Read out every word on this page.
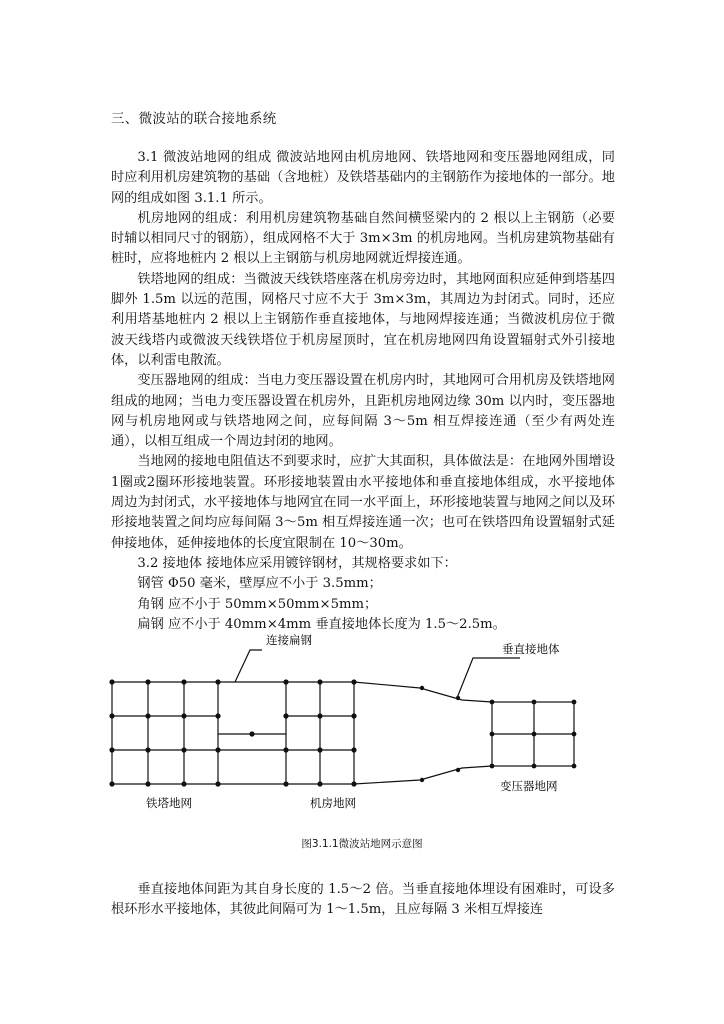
三、微波站的联合接地系统

3.1 微波站地网的组成 微波站地网由机房地网、铁塔地网和变压器地网组成，同时应利用机房建筑物的基础（含地桩）及铁塔基础内的主钢筋作为接地体的一部分。地网的组成如图 3.1.1 所示。

机房地网的组成：利用机房建筑物基础自然间横竖梁内的 2 根以上主钢筋（必要时辅以相同尺寸的钢筋），组成网格不大于 3m×3m 的机房地网。当机房建筑物基础有桩时，应将地桩内 2 根以上主钢筋与机房地网就近焊接连通。

铁塔地网的组成：当微波天线铁塔座落在机房旁边时，其地网面积应延伸到塔基四脚外 1.5m 以远的范围，网格尺寸应不大于 3m×3m，其周边为封闭式。同时，还应利用塔基地桩内 2 根以上主钢筋作垂直接地体，与地网焊接连通；当微波机房位于微波天线塔内或微波天线铁塔位于机房屋顶时，宜在机房地网四角设置辐射式外引接地体，以利雷电散流。

变压器地网的组成：当电力变压器设置在机房内时，其地网可合用机房及铁塔地网组成的地网；当电力变压器设置在机房外，且距机房地网边缘 30m 以内时，变压器地网与机房地网或与铁塔地网之间，应每间隔 3～5m 相互焊接连通（至少有两处连通），以相互组成一个周边封闭的地网。

当地网的接地电阻值达不到要求时，应扩大其面积，具体做法是：在地网外围增设 1圈或2圈环形接地装置。环形接地装置由水平接地体和垂直接地体组成，水平接地体周边为封闭式，水平接地体与地网宜在同一水平面上，环形接地装置与地网之间以及环形接地装置之间均应每间隔 3～5m 相互焊接连通一次；也可在铁塔四角设置辐射式延伸接地体，延伸接地体的长度宜限制在 10～30m。

3.2 接地体 接地体应采用镀锌钢材，其规格要求如下：

钢管 Φ50 毫米，壁厚应不小于 3.5mm；

角钢 应不小于 50mm×50mm×5mm；

扁钢 应不小于 40mm×4mm 垂直接地体长度为 1.5～2.5m。

连接扁钢
垂直接地体
铁塔地网	机房地网
变压器地网
图3.1.1微波站地网示意图

垂直接地体间距为其自身长度的 1.5～2 倍。当垂直接地体埋设有困难时，可设多根环形水平接地体，其彼此间隔可为 1～1.5m，且应每隔 3 米相互焊接连
